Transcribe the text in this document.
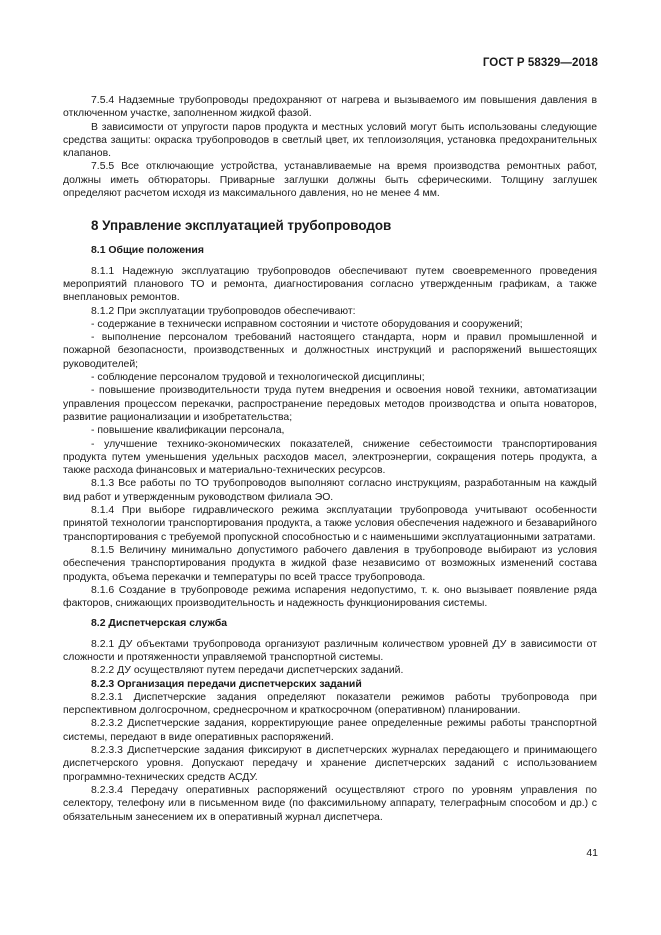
ГОСТ Р 58329—2018

7.5.4 Надземные трубопроводы предохраняют от нагрева и вызываемого им повышения давления в отключенном участке, заполненном жидкой фазой.

В зависимости от упругости паров продукта и местных условий могут быть использованы следующие средства защиты: окраска трубопроводов в светлый цвет, их теплоизоляция, установка предохранительных клапанов.

7.5.5 Все отключающие устройства, устанавливаемые на время производства ремонтных работ, должны иметь обтюраторы. Приварные заглушки должны быть сферическими. Толщину заглушек определяют расчетом исходя из максимального давления, но не менее 4 мм.

8 Управление эксплуатацией трубопроводов

8.1 Общие положения

8.1.1 Надежную эксплуатацию трубопроводов обеспечивают путем своевременного проведения мероприятий планового ТО и ремонта, диагностирования согласно утвержденным графикам, а также внеплановых ремонтов.

8.1.2 При эксплуатации трубопроводов обеспечивают:

- содержание в технически исправном состоянии и чистоте оборудования и сооружений;

- выполнение персоналом требований настоящего стандарта, норм и правил промышленной и пожарной безопасности, производственных и должностных инструкций и распоряжений вышестоящих руководителей;

- соблюдение персоналом трудовой и технологической дисциплины;

- повышение производительности труда путем внедрения и освоения новой техники, автоматизации управления процессом перекачки, распространение передовых методов производства и опыта новаторов, развитие рационализации и изобретательства;

- повышение квалификации персонала,

- улучшение технико-экономических показателей, снижение себестоимости транспортирования продукта путем уменьшения удельных расходов масел, электроэнергии, сокращения потерь продукта, а также расхода финансовых и материально-технических ресурсов.

8.1.3 Все работы по ТО трубопроводов выполняют согласно инструкциям, разработанным на каждый вид работ и утвержденным руководством филиала ЭО.

8.1.4 При выборе гидравлического режима эксплуатации трубопровода учитывают особенности принятой технологии транспортирования продукта, а также условия обеспечения надежного и безаварийного транспортирования с требуемой пропускной способностью и с наименьшими эксплуатационными затратами.

8.1.5 Величину минимально допустимого рабочего давления в трубопроводе выбирают из условия обеспечения транспортирования продукта в жидкой фазе независимо от возможных изменений состава продукта, объема перекачки и температуры по всей трассе трубопровода.

8.1.6 Создание в трубопроводе режима испарения недопустимо, т. к. оно вызывает появление ряда факторов, снижающих производительность и надежность функционирования системы.

8.2 Диспетчерская служба

8.2.1 ДУ объектами трубопровода организуют различным количеством уровней ДУ в зависимости от сложности и протяженности управляемой транспортной системы.

8.2.2 ДУ осуществляют путем передачи диспетчерских заданий.

8.2.3 Организация передачи диспетчерских заданий

8.2.3.1 Диспетчерские задания определяют показатели режимов работы трубопровода при перспективном долгосрочном, среднесрочном и краткосрочном (оперативном) планировании.

8.2.3.2 Диспетчерские задания, корректирующие ранее определенные режимы работы транспортной системы, передают в виде оперативных распоряжений.

8.2.3.3 Диспетчерские задания фиксируют в диспетчерских журналах передающего и принимающего диспетчерского уровня. Допускают передачу и хранение диспетчерских заданий с использованием программно-технических средств АСДУ.

8.2.3.4 Передачу оперативных распоряжений осуществляют строго по уровням управления по селектору, телефону или в письменном виде (по факсимильному аппарату, телеграфным способом и др.) с обязательным занесением их в оперативный журнал диспетчера.

41
